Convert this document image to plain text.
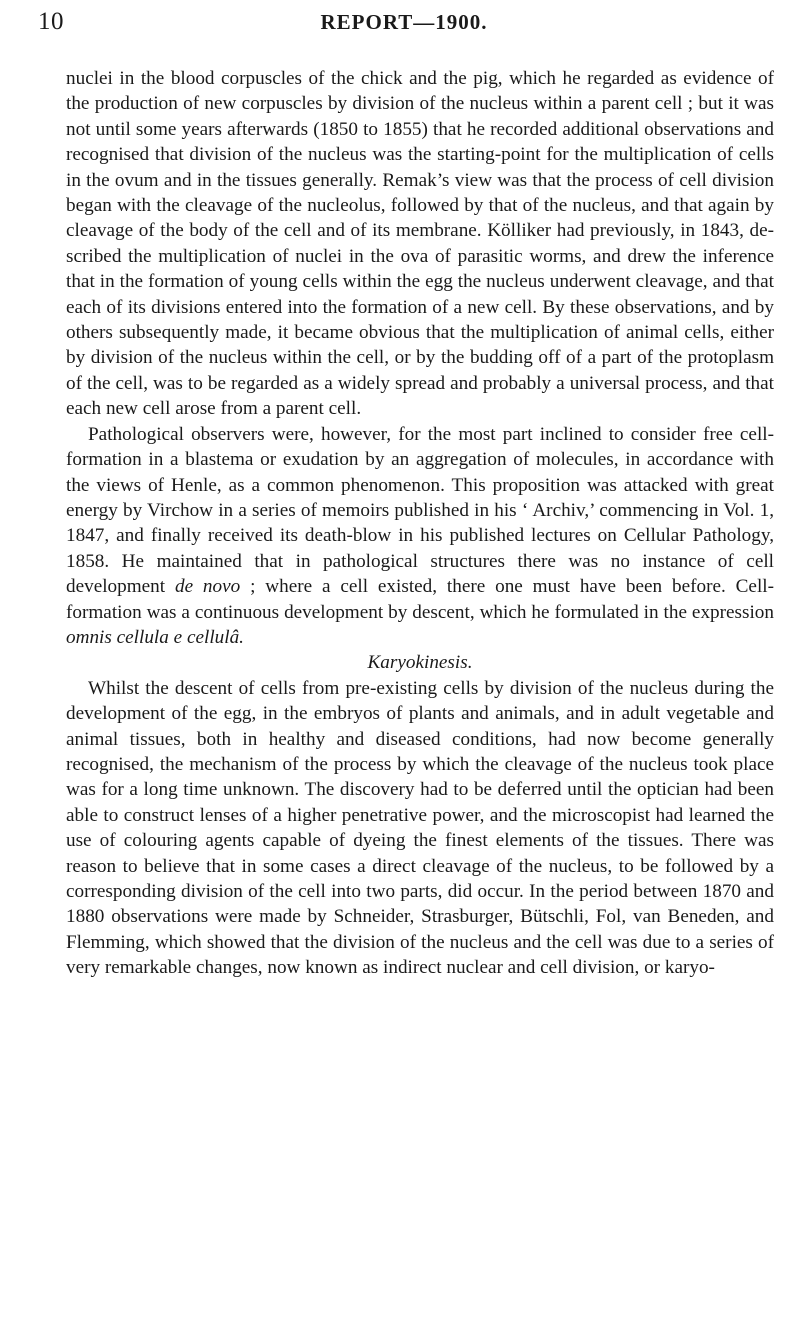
10	REPORT—1900.

nuclei in the blood corpuscles of the chick and the pig, which he regarded as evidence of the production of new corpuscles by division of the nucleus within a parent cell ; but it was not until some years afterwards (1850 to 1855) that he recorded additional observations and recognised that division of the nucleus was the starting-point for the multiplication of cells in the ovum and in the tissues generally. Remak’s view was that the process of cell division began with the cleavage of the nucleolus, followed by that of the nucleus, and that again by cleavage of the body of the cell and of its membrane. Kölliker had previously, in 1843, described the multiplication of nuclei in the ova of parasitic worms, and drew the inference that in the formation of young cells within the egg the nucleus underwent cleavage, and that each of its divisions entered into the formation of a new cell. By these observations, and by others subsequently made, it became obvious that the multiplication of animal cells, either by division of the nucleus within the cell, or by the budding off of a part of the protoplasm of the cell, was to be regarded as a widely spread and probably a universal process, and that each new cell arose from a parent cell.

Pathological observers were, however, for the most part inclined to consider free cell-formation in a blastema or exudation by an aggregation of molecules, in accordance with the views of Henle, as a common phenomenon. This proposition was attacked with great energy by Virchow in a series of memoirs published in his ‘ Archiv,’ commencing in Vol. 1, 1847, and finally received its death-blow in his published lectures on Cellular Pathology, 1858. He maintained that in pathological structures there was no instance of cell development de novo ; where a cell existed, there one must have been before. Cell-formation was a continuous development by descent, which he formulated in the expression omnis cellula e cellulâ.

Karyokinesis.

Whilst the descent of cells from pre-existing cells by division of the nucleus during the development of the egg, in the embryos of plants and animals, and in adult vegetable and animal tissues, both in healthy and diseased conditions, had now become generally recognised, the mechanism of the process by which the cleavage of the nucleus took place was for a long time unknown. The discovery had to be deferred until the optician had been able to construct lenses of a higher penetrative power, and the microscopist had learned the use of colouring agents capable of dyeing the finest elements of the tissues. There was reason to believe that in some cases a direct cleavage of the nucleus, to be followed by a corresponding division of the cell into two parts, did occur. In the period between 1870 and 1880 observations were made by Schneider, Strasburger, Bütschli, Fol, van Beneden, and Flemming, which showed that the division of the nucleus and the cell was due to a series of very remarkable changes, now known as indirect nuclear and cell division, or karyo-
